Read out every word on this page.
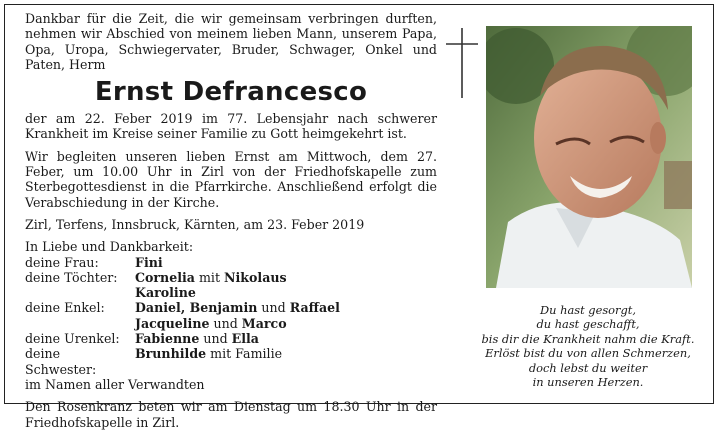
Dankbar für die Zeit, die wir gemeinsam verbringen durften, nehmen wir Abschied von meinem lieben Mann, unserem Papa, Opa, Uropa, Schwiegervater, Bruder, Schwager, Onkel und Paten, Herm

Ernst Defrancesco

der am 22. Feber 2019 im 77. Lebensjahr nach schwerer Krankheit im Kreise seiner Familie zu Gott heimgekehrt ist.

Wir begleiten unseren lieben Ernst am Mittwoch, dem 27. Feber, um 10.00 Uhr in Zirl von der Friedhofskapelle zum Sterbegottesdienst in die Pfarrkirche. Anschließend erfolgt die Verabschiedung in der Kirche.

Zirl, Terfens, Innsbruck, Kärnten, am 23. Feber 2019

In Liebe und Dankbarkeit:

deine Frau:	Fini
deine Töchter:	Cornelia mit Nikolaus
Karoline
deine Enkel:	Daniel, Benjamin und Raffael
Jacqueline und Marco
deine Urenkel:	Fabienne und Ella
deine Schwester:
Brunhilde mit Familie

im Namen aller Verwandten

Den Rosenkranz beten wir am Dienstag um 18.30 Uhr in der Friedhofskapelle in Zirl.

Du hast gesorgt,
du hast geschafft,
bis dir die Krankheit nahm die Kraft.
Erlöst bist du von allen Schmerzen,
doch lebst du weiter
in unseren Herzen.
